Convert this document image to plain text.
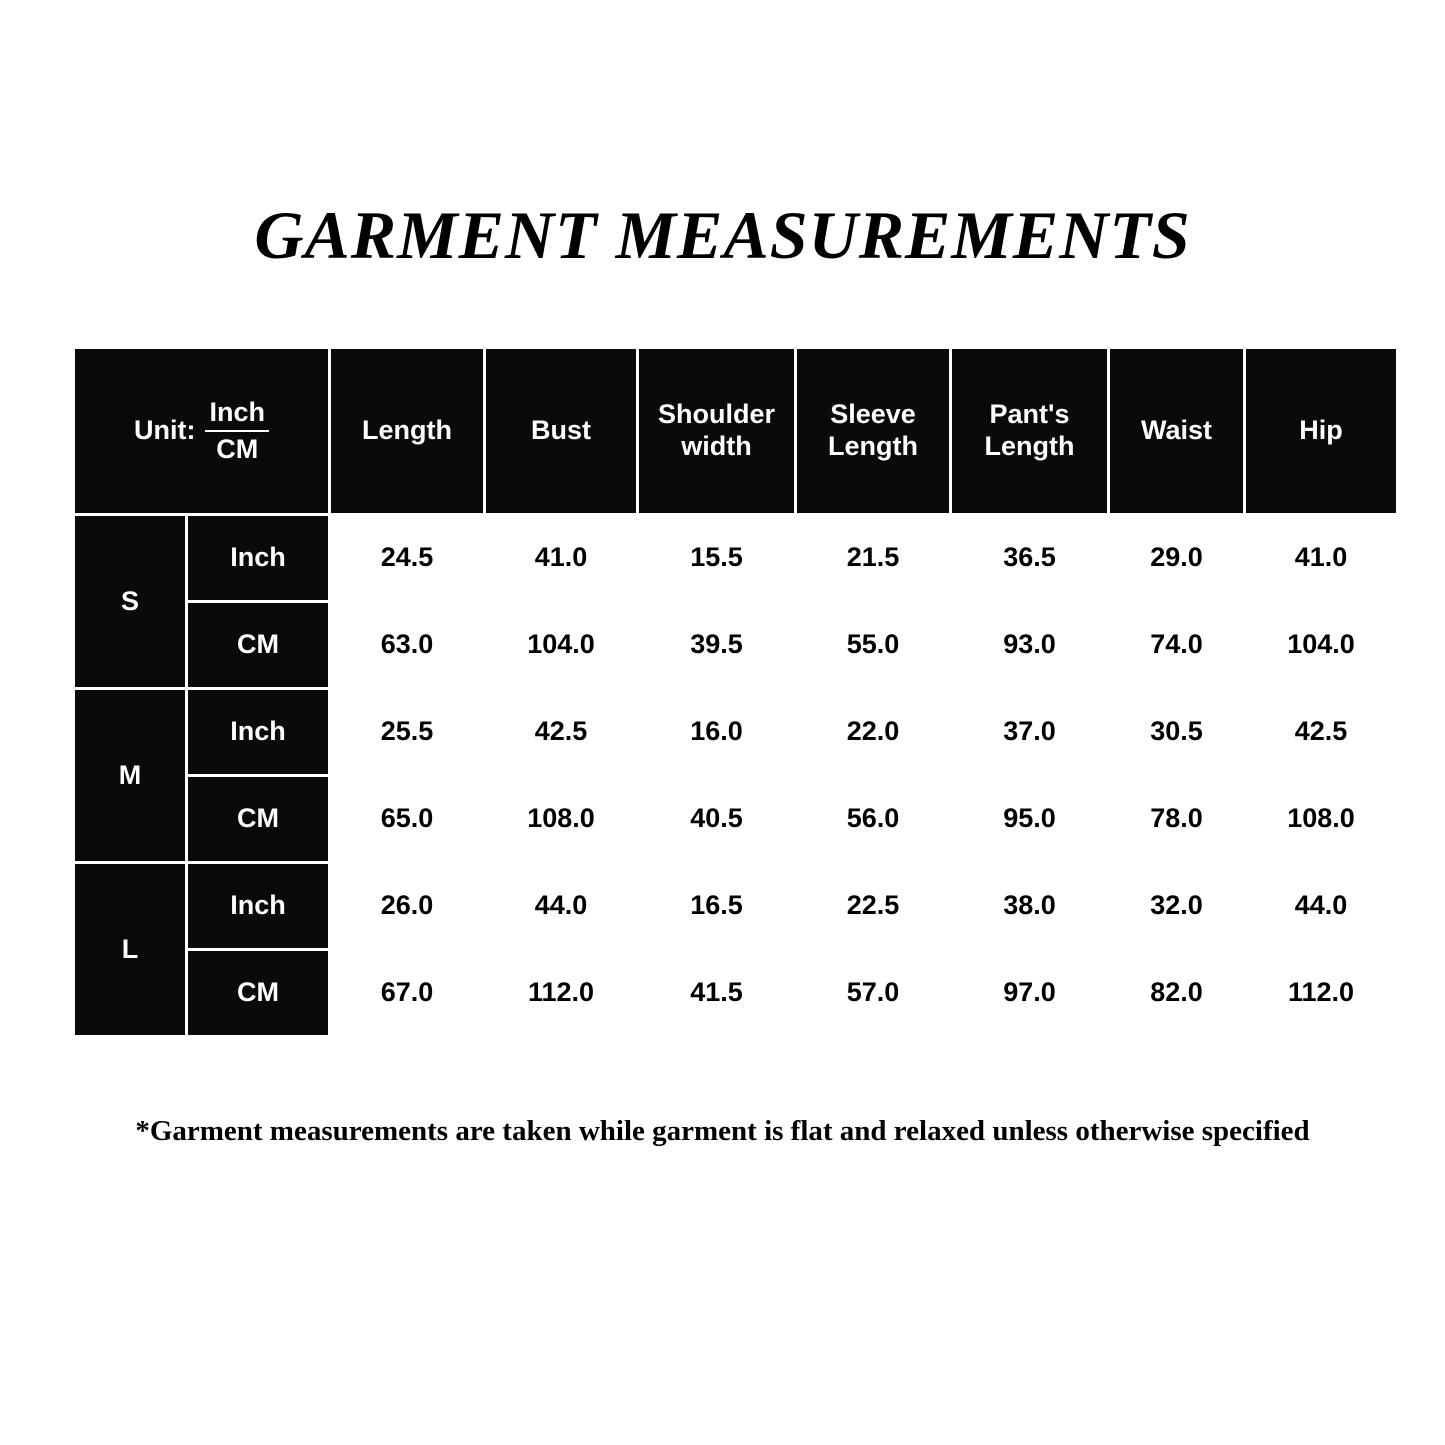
GARMENT MEASUREMENTS
Unit: $\frac{\text{Inch}}{CM}$		Length	Bust	Shoulder width	Sleeve Length	Pant's Length	Waist	Hip
S	Inch	24.5	41.0	15.5	21.5	36.5	29.0	41.0
	CM	63.0	104.0	39.5	55.0	93.0	74.0	104.0
M	Inch	25.5	42.5	16.0	22.0	37.0	30.5	42.5
	CM	65.0	108.0	40.5	56.0	95.0	78.0	108.0
L	Inch	26.0	44.0	16.5	22.5	38.0	32.0	44.0
	CM	67.0	112.0	41.5	57.0	97.0	82.0	112.0
*Garment measurements are taken while garment is flat and relaxed unless otherwise specified
